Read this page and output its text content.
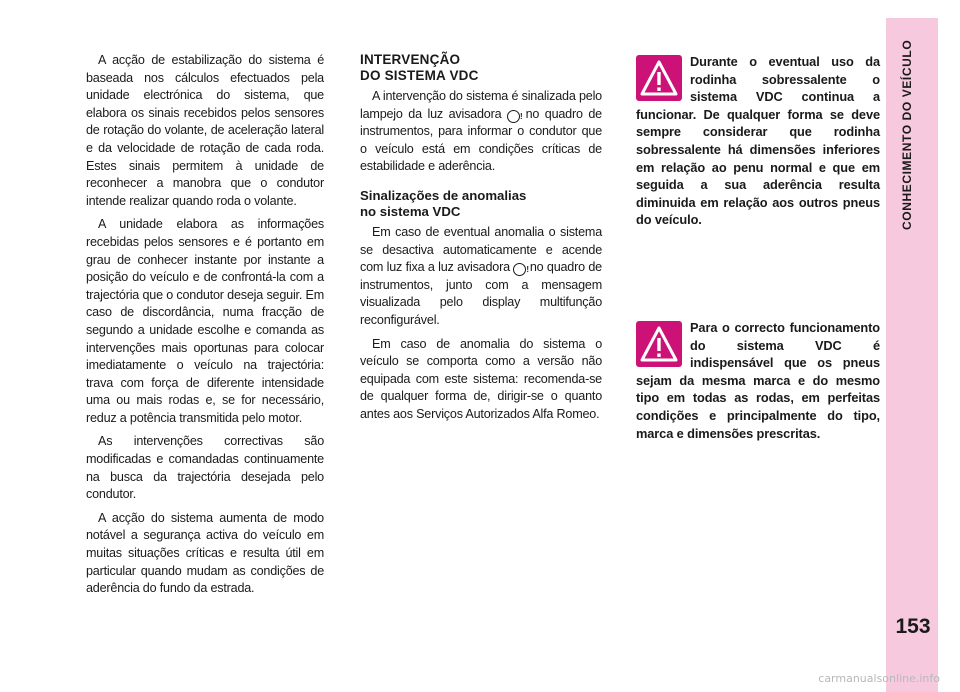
CONHECIMENTO DO VEÍCULO
153

A acção de estabilização do sistema é baseada nos cálculos efectuados pela unidade electrónica do sistema, que elabora os sinais recebidos pelos sensores de rotação do volante, de aceleração lateral e da velocidade de rotação de cada roda. Estes sinais permitem à unidade de reconhecer a manobra que o condutor intende realizar quando roda o volante.

A unidade elabora as informações recebidas pelos sensores e é portanto em grau de conhecer instante por instante a posição do veículo e de confrontá-la com a trajectória que o condutor deseja seguir. Em caso de discordância, numa fracção de segundo a unidade escolhe e comanda as intervenções mais oportunas para colocar imediatamente o veículo na trajectória: trava com força de diferente intensidade uma ou mais rodas e, se for necessário, reduz a potência transmitida pelo motor.

As intervenções correctivas são modificadas e comandadas continuamente na busca da trajectória desejada pelo condutor.

A acção do sistema aumenta de modo notável a segurança activa do veículo em muitas situações críticas e resulta útil em particular quando mudam as condições de aderência do fundo da estrada.

INTERVENÇÃO
DO SISTEMA VDC

A intervenção do sistema é sinalizada pelo lampejo da luz avisadora ! no quadro de instrumentos, para informar o condutor que o veículo está em condições críticas de estabilidade e aderência.

Sinalizações de anomalias
no sistema VDC

Em caso de eventual anomalia o sistema se desactiva automaticamente e acende com luz fixa a luz avisadora ! no quadro de instrumentos, junto com a mensagem visualizada pelo display multifunção reconfigurável.

Em caso de anomalia do sistema o veículo se comporta como a versão não equipada com este sistema: recomenda-se de qualquer forma de, dirigir-se o quanto antes aos Serviços Autorizados Alfa Romeo.

Durante o eventual uso da rodinha sobressalente o sistema VDC continua a funcionar. De qualquer forma se deve sempre considerar que rodinha sobressalente há dimensões inferiores em relação ao penu normal e que em seguida a sua aderência resulta diminuida em relação aos outros pneus do veículo.
Para o correcto funcionamento do sistema VDC é indispensável que os pneus sejam da mesma marca e do mesmo tipo em todas as rodas, em perfeitas condições e principalmente do tipo, marca e dimensões prescritas.
carmanualsonline.info
